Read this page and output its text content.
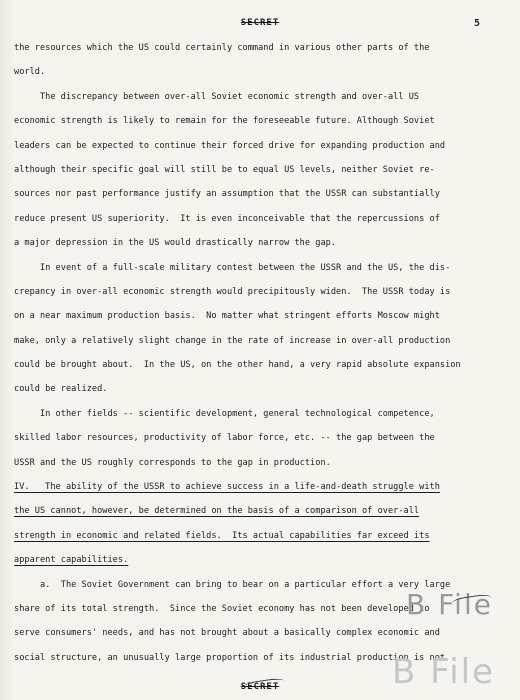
SECRET	5
the resources which the US could certainly command in various other parts of the
world.
The discrepancy between over-all Soviet economic strength and over-all US
economic strength is likely to remain for the foreseeable future. Although Soviet
leaders can be expected to continue their forced drive for expanding production and
although their specific goal will still be to equal US levels, neither Soviet re-
sources nor past performance justify an assumption that the USSR can substantially
reduce present US superiority.  It is even inconceivable that the repercussions of
a major depression in the US would drastically narrow the gap.
In event of a full-scale military contest between the USSR and the US, the dis-
crepancy in over-all economic strength would precipitously widen.  The USSR today is
on a near maximum production basis.  No matter what stringent efforts Moscow might
make, only a relatively slight change in the rate of increase in over-all production
could be brought about.  In the US, on the other hand, a very rapid absolute expansion
could be realized.
In other fields -- scientific development, general technological competence,
skilled labor resources, productivity of labor force, etc. -- the gap between the
USSR and the US roughly corresponds to the gap in production.
IV.   The ability of the USSR to achieve success in a life-and-death struggle with
the US cannot, however, be determined on the basis of a comparison of over-all
strength in economic and related fields.  Its actual capabilities far exceed its
apparent capabilities.
a.  The Soviet Government can bring to bear on a particular effort a very large
share of its total strength.  Since the Soviet economy has not been developed to
serve consumers' needs, and has not brought about a basically complex economic and
social structure, an unusually large proportion of its industrial production is not
SECRET
B File
B File
